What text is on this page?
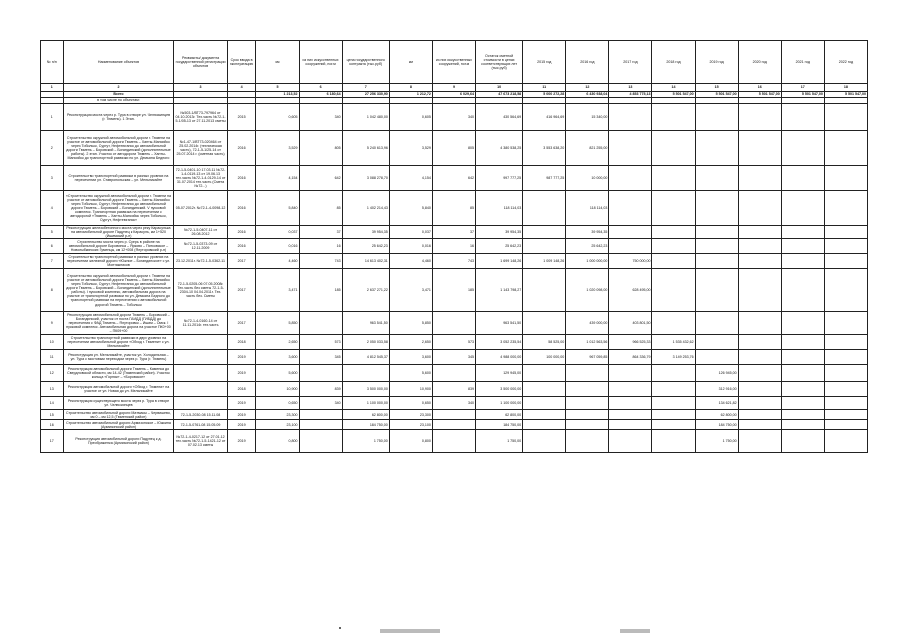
№ п/п	Наименование объектов	Реквизиты/ документа государственной регистрации объектов	Срок ввода в эксплуатацию	км	из них искусственных сооружений, пог.м	цена государственного контракта (тыс.руб)	км	из них искусственных сооружений, пог.м	Остаток сметной стоимости в ценах соответствующих лет (тыс.руб)	2015 год	2016 год	2017 год	2018 год	2019 год	2020 год	2021 год	2022 год
1	2	3	4	5	6	7	8	9	10	11	12	13	14	15	16	17	18
	Всего			1 213,52	6 180,64	27 256 330,90	1 212,72	6 029,64	47 673 218,58	5 000 272,28	6 430 938,04	4 853 775,13	5 501 547,00	5 501 547,00	5 501 547,00	5 501 547,00	5 501 547,00
	в том числе по объектам:																
1	Реконструкция моста через р. Тура в створе ул. Челюскинцев (г. Тюмень). 1 Этап.	№503-1/ВТ73-797964 от 04.10.2013г. Тех.часть №72-1-5-1/05-13 от 27.11.2013 сметы	2015	0,605	340	1 042 480,00	0,605	340	430 564,69	416 964,69	15 340,00						
2	Строительство окружной автомобильной дороги г. Тюмени на участке от автомобильной дороги Тюмень – Ханты-Мансийск через Тобольск, Сургут, Нефтеюганск до автомобильной дороги Тюмень – Боровский – Богандинский (дополнительные работы). 2 этап. Участок от автодороги Тюмень – Ханты-Мансийск до транспортной развязки по ул. Демьяна Бедного	№1-47-1/ВТ73-020464 от 25.02.2014г. (техническая часть), 72-1-5-1/25-14 от 25.07.2014 г. (сметная часть)	2016	3,529	805	5 240 613,96	3,529	805	4 380 538,25	3 553 638,20	821 255,00						
3	Строительство транспортной развязки в разных уровнях на пересечении ул. Ставропольская – ул. Мельникайте	72-1-5-0401-10 17.03.11 №72-1-4-0119-13 от 19.06.13 тех.часть №72-1-4-0129-14 от 31.07.2014 тех.часть (Смета №72...)	2016	4,154	642	3 088 278,70	4,154	642	997 777,25	987 777,25	10 000,00						
4	«Строительство окружной автомобильной дороги г. Тюмени на участке от автомобильной дороги Тюмень – Ханты-Мансийск через Тобольск, Сургут, Нефтеюганск до автомобильной дороги Тюмень – Боровский – Богандинский. V пусковой комплекс. Транспортная развязка на пересечении с автодорогой «Тюмень – Ханты-Мансийск через Тобольск, Сургут, Нефтеюганск»	05-07.2012г. №72-1-4-0098-12	2016	5,840	85	1 402 214,43	5,840	85	118 114,03		118 114,03						
5	Реконструкция железобетонного моста через реку Карасулька на автомобильной дороге Падунец к Карасуль, км 1+520 (Ишимский р-н)	№72-1-5-0407-11 от 26.08.2012	2016	0,037	37	39 954,35	0,037	37	39 954,35		39 954,35						
6	Строительство моста через р. Суерь в районе на автомобильной дороге Боровинка – Ярково – Пятковское – Новолыбкинских Гуменцы, км 12+008 (Ялуторовский р-н)	№72-1-5-0373-09 от 12.11.2009	2016	0,016	16	25 642,23	0,016	16	25 642,23		25 642,23						
7	Строительство транспортной развязки в разных уровнях на пересечении железной дороги «Южное – Богандинское» с ул. Монтажников	23.12.2011г. №72-1-5-0362-11	2017	4,460	743	14 613 402,31	4,460	743	1 699 148,26	1 009 148,26	1 000 000,00	750 000,00					
8	Строительство окружной автомобильной дороги г. Тюмени на участке от автомобильной дороги Тюмень – Ханты-Мансийск через Тобольск, Сургут, Нефтеюганск до автомобильной дороги Тюмень – Боровский – Богандинский (дополнительные работы). I пусковой комплекс, автомобильная дорога на участке от транспортной развязки по ул. Демьяна Бедного до транспортной развязки на пересечении с автомобильной дорогой Тюмень – Тобольск	72-1-5-0205-06 07.05.2008г. Тех.часть без сметы 72-1-5-2304-10 04.04.2011г. Тех. часть без. Сметы	2017	3,471	185	2 637 271,22	3,471	185	1 143 798,27		1 020 098,00	628 495,00					
9	Реконструкция автомобильной дороги Тюмень – Боровский – Богандинский, участок от поста ГАИДД (ГИБДД) до пересечения с ФАД Тюмень – Ялуторовск – Ишим – Омск. I пусковой комплекс. Автомобильная дорога на участке ПК0+00 – ПК09+00	№72-1-4-0160-14 от 11.11.2014г. тех.часть	2017	5,850		963 541,50	5,850		963 541,50		439 000,00	403 801,50					
10	Строительство транспортной развязки в двух уровнях на пересечении автомобильной дороги «Обход г. Тюмени» с ул. Мельникайте		2018	2,650	573	2 050 033,58	2,650	573	3 052 235,54	58 525,00	1 012 563,56	966 525,33	1 535 432,62				
11	Реконструкция ул. Мельникайте, участок ул. Холодильная – ул. Тура с мостовым переходом через р. Тура (г. Тюмень)		2019	3,600	345	4 812 545,37	3,600	345	4 988 000,00	100 000,00	967 059,85	864 336,79	3 149 253,76				
12	Реконструкция автомобильной дороги Тюмень – Каменка до Свердловской области, км 14-42 (Тюменский район). Участок кольца «Горняк» – «Боровское»		2019	5,600			5,600		129 945,00					126 945,00			
13	Реконструкция автомобильной дороги «Обход г. Тюмени» на участке от ул. Новая до ул. Мельникайте		2018	10,900	839	3 500 000,00	10,900	839	3 500 000,00					312 916,00			
14	Реконструкция существующего моста через р. Тура в створе ул. Челюскинцев		2019	0,650	340	1 100 000,00	0,650	340	1 100 000,00					134 621,82			
15	Строительство автомобильной дороги Матмасы – Червишево, км 0 – км 12,5 (Тюменский район)	72-1-5-2030-08 15.11.08	2019	23,300		62 800,00	23,300		62 800,00					62 800,00			
16	Строительство автомобильной дороги Армизонское – Южкина (Армизонский район)	72-1-5-0761-08 15.05.09	2019	23,100		184 750,00	23,100		184 750,00					184 750,00			
17	Реконструкция автомобильной дороги Падунец к д. Преображенка (Армизонский район)	№72-1-4-0217-12 от 27.01.12 тех.часть №72-1-5-1421-12 от 07.02.13 сметы	2019	0,800		1 750,00	0,800		1 750,00					1 750,00			
